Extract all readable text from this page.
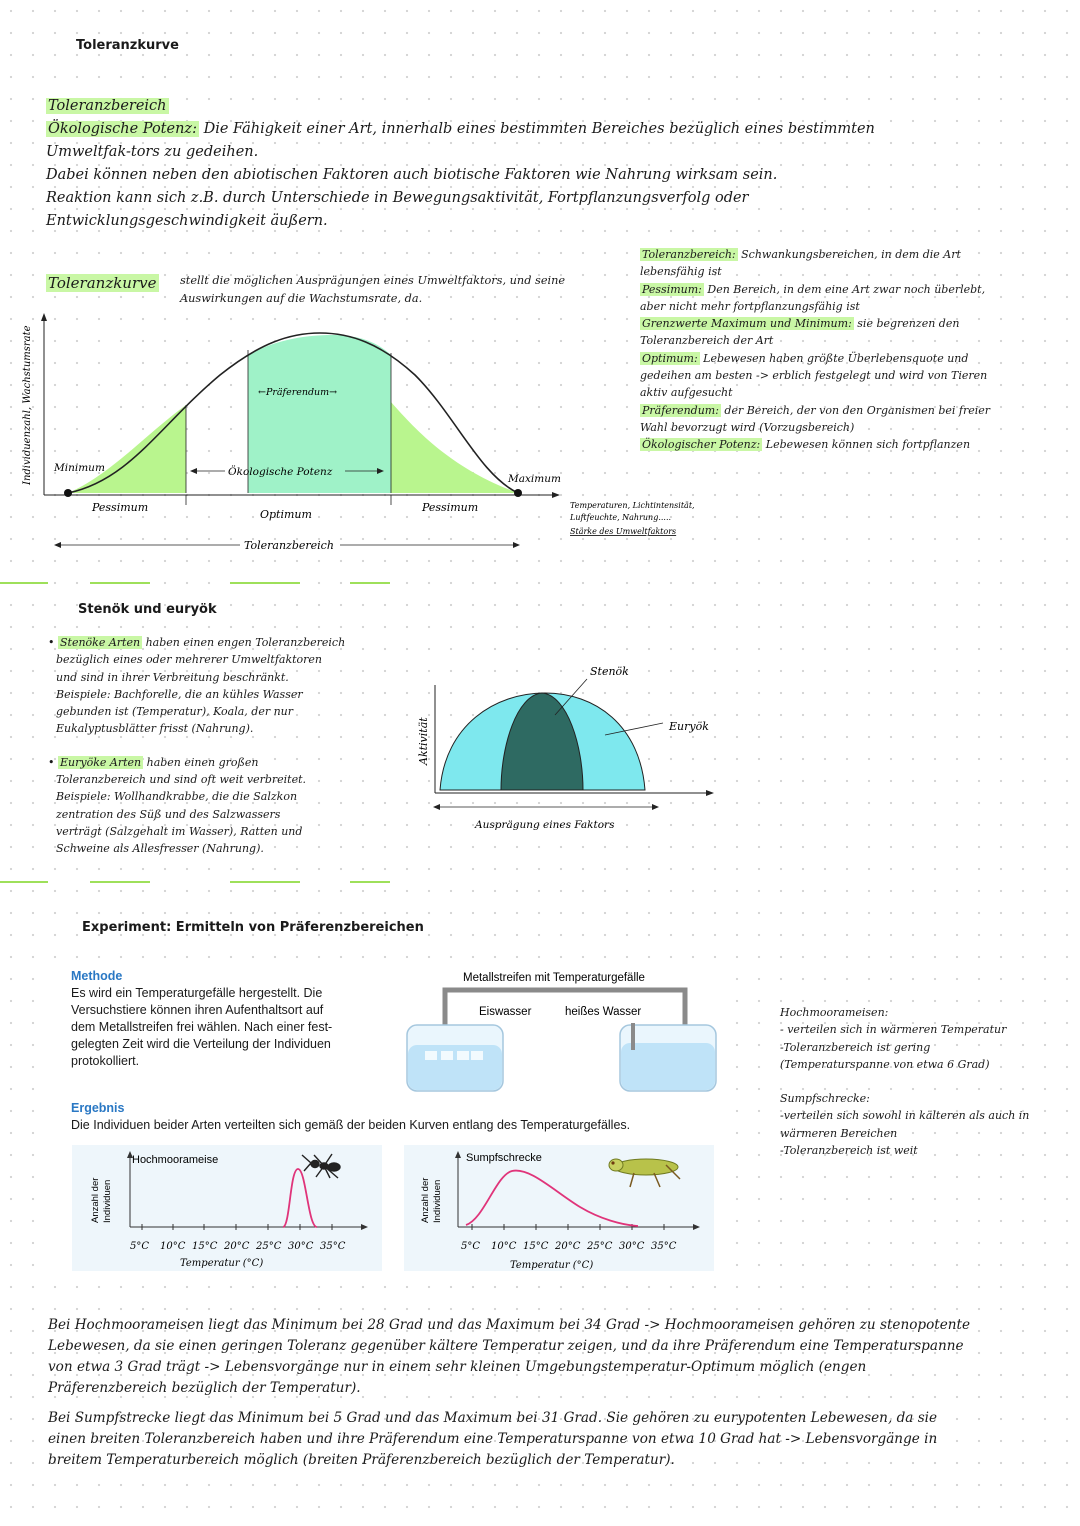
Toleranzkurve
Toleranzbereich
Ökologische Potenz: Die Fähigkeit einer Art, innerhalb eines bestimmten Bereiches bezüglich eines bestimmten
Umweltfak-tors zu gedeihen.
Dabei können neben den abiotischen Faktoren auch biotische Faktoren wie Nahrung wirksam sein.
Reaktion kann sich z.B. durch Unterschiede in Bewegungsaktivität, Fortpflanzungsverfolg oder
Entwicklungsgeschwindigkeit äußern.
Toleranzkurve stellt die möglichen Ausprägungen eines Umweltfaktors, und seine
Auswirkungen auf die Wachstumsrate, da.
Toleranzbereich: Schwankungsbereichen, in dem die Art
lebensfähig ist
Pessimum: Den Bereich, in dem eine Art zwar noch überlebt,
aber nicht mehr fortpflanzungsfähig ist
Grenzwerte Maximum und Minimum: sie begrenzen den
Toleranzbereich der Art
Optimum: Lebewesen haben größte Überlebensquote und
gedeihen am besten -> erblich festgelegt und wird von Tieren
aktiv aufgesucht
Präferendum: der Bereich, der von den Organismen bei freier
Wahl bevorzugt wird (Vorzugsbereich)
Ökologischer Potenz: Lebewesen können sich fortpflanzen
Individuenzahl, Wachstumsrate Minimum
Maximum
←Präferendum→
Ökologische Potenz
Pessimum
Optimum
Pessimum
Toleranzbereich
Temperaturen, Lichtintensität,
Luftfeuchte, Nahrung.....
Stärke des Umweltfaktors
Stenök und euryök
• Stenöke Arten haben einen engen Toleranzbereich
bezüglich eines oder mehrerer Umweltfaktoren
und sind in ihrer Verbreitung beschränkt.
Beispiele: Bachforelle, die an kühles Wasser
gebunden ist (Temperatur), Koala, der nur
Eukalyptusblätter frisst (Nahrung).
• Euryöke Arten haben einen großen
Toleranzbereich und sind oft weit verbreitet.
Beispiele: Wollhandkrabbe, die die Salzkon
zentration des Süß und des Salzwassers
verträgt (Salzgehalt im Wasser), Ratten und
Schweine als Allesfresser (Nahrung).
Aktivität
Stenök
Euryök
Ausprägung eines Faktors
Experiment: Ermitteln von Präferenzbereichen
Methode
Es wird ein Temperaturgefälle hergestellt. Die
Versuchstiere können ihren Aufenthaltsort auf
dem Metallstreifen frei wählen. Nach einer fest-
gelegten Zeit wird die Verteilung der Individuen
protokolliert.
Metallstreifen mit Temperaturgefälle
Eiswasser	heißes Wasser
Ergebnis
Die Individuen beider Arten verteilten sich gemäß der beiden Kurven entlang des Temperaturgefälles.
Hochmoorameise
Anzahl der Individuen
5°C 10°C 15°C 20°C 25°C 30°C 35°C
Temperatur (°C)
Sumpfschrecke
Anzahl der Individuen
5°C 10°C 15°C 20°C 25°C 30°C 35°C
Temperatur (°C)
Hochmoorameisen:
- verteilen sich in wärmeren Temperatur
-Toleranzbereich ist gering
(Temperaturspanne von etwa 6 Grad)
Sumpfschrecke:
-verteilen sich sowohl in kälteren als auch in
wärmeren Bereichen
-Toleranzbereich ist weit
Bei Hochmoorameisen liegt das Minimum bei 28 Grad und das Maximum bei 34 Grad -> Hochmoorameisen gehören zu stenopotente
Lebewesen, da sie einen geringen Toleranz gegenüber kältere Temperatur zeigen, und da ihre Präferendum eine Temperaturspanne
von etwa 3 Grad trägt -> Lebensvorgänge nur in einem sehr kleinen Umgebungstemperatur-Optimum möglich (engen
Präferenzbereich bezüglich der Temperatur).
Bei Sumpfstrecke liegt das Minimum bei 5 Grad und das Maximum bei 31 Grad. Sie gehören zu eurypotenten Lebewesen, da sie
einen breiten Toleranzbereich haben und ihre Präferendum eine Temperaturspanne von etwa 10 Grad hat -> Lebensvorgänge in
breitem Temperaturbereich möglich (breiten Präferenzbereich bezüglich der Temperatur).
